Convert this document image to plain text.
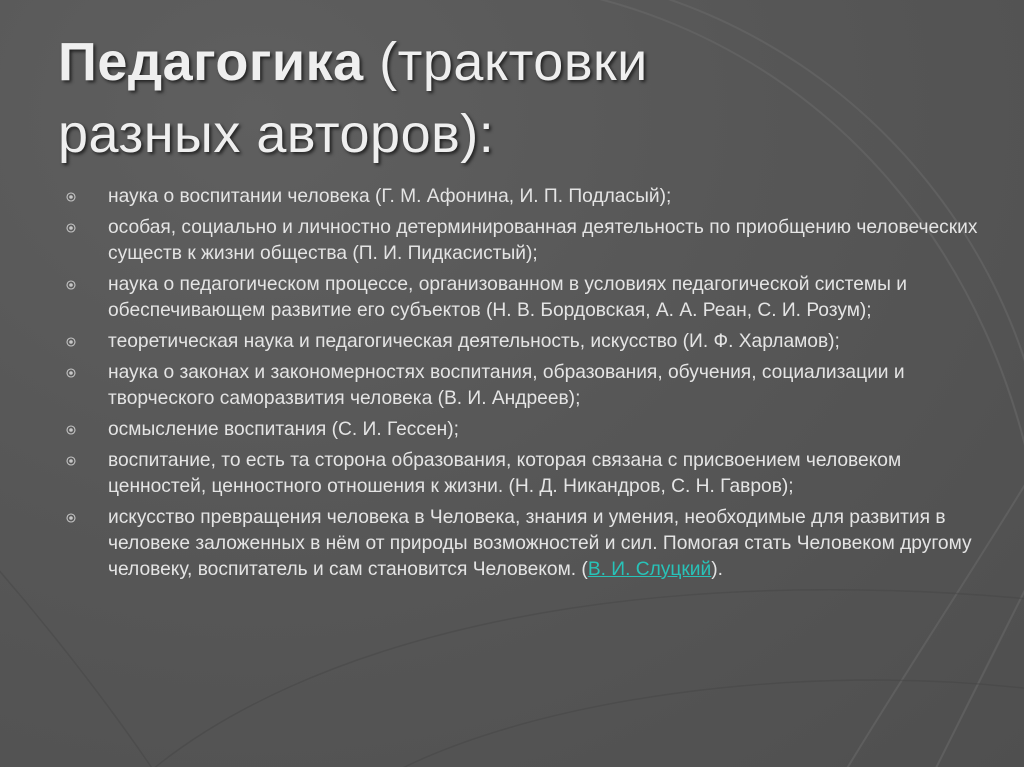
Педагогика (трактовки
разных авторов):
наука о воспитании человека (Г. М. Афонина, И. П. Подласый);
особая, социально и личностно детерминированная деятельность по приобщению человеческих существ к жизни общества (П. И. Пидкасистый);
наука о педагогическом процессе, организованном в условиях педагогической системы и обеспечивающем развитие его субъектов (Н. В. Бордовская, А. А. Реан, С. И. Розум);
теоретическая наука и педагогическая деятельность, искусство (И. Ф. Харламов);
наука о законах и закономерностях воспитания, образования, обучения, социализации и творческого саморазвития человека (В. И. Андреев);
осмысление воспитания (С. И. Гессен);
воспитание, то есть та сторона образования, которая связана с присвоением человеком ценностей, ценностного отношения к жизни. (Н. Д. Никандров, С. Н. Гавров);
искусство превращения человека в Человека, знания и умения, необходимые для развития в человеке заложенных в нём от природы возможностей и сил. Помогая стать Человеком другому человеку, воспитатель и сам становится Человеком. (В. И. Слуцкий).
